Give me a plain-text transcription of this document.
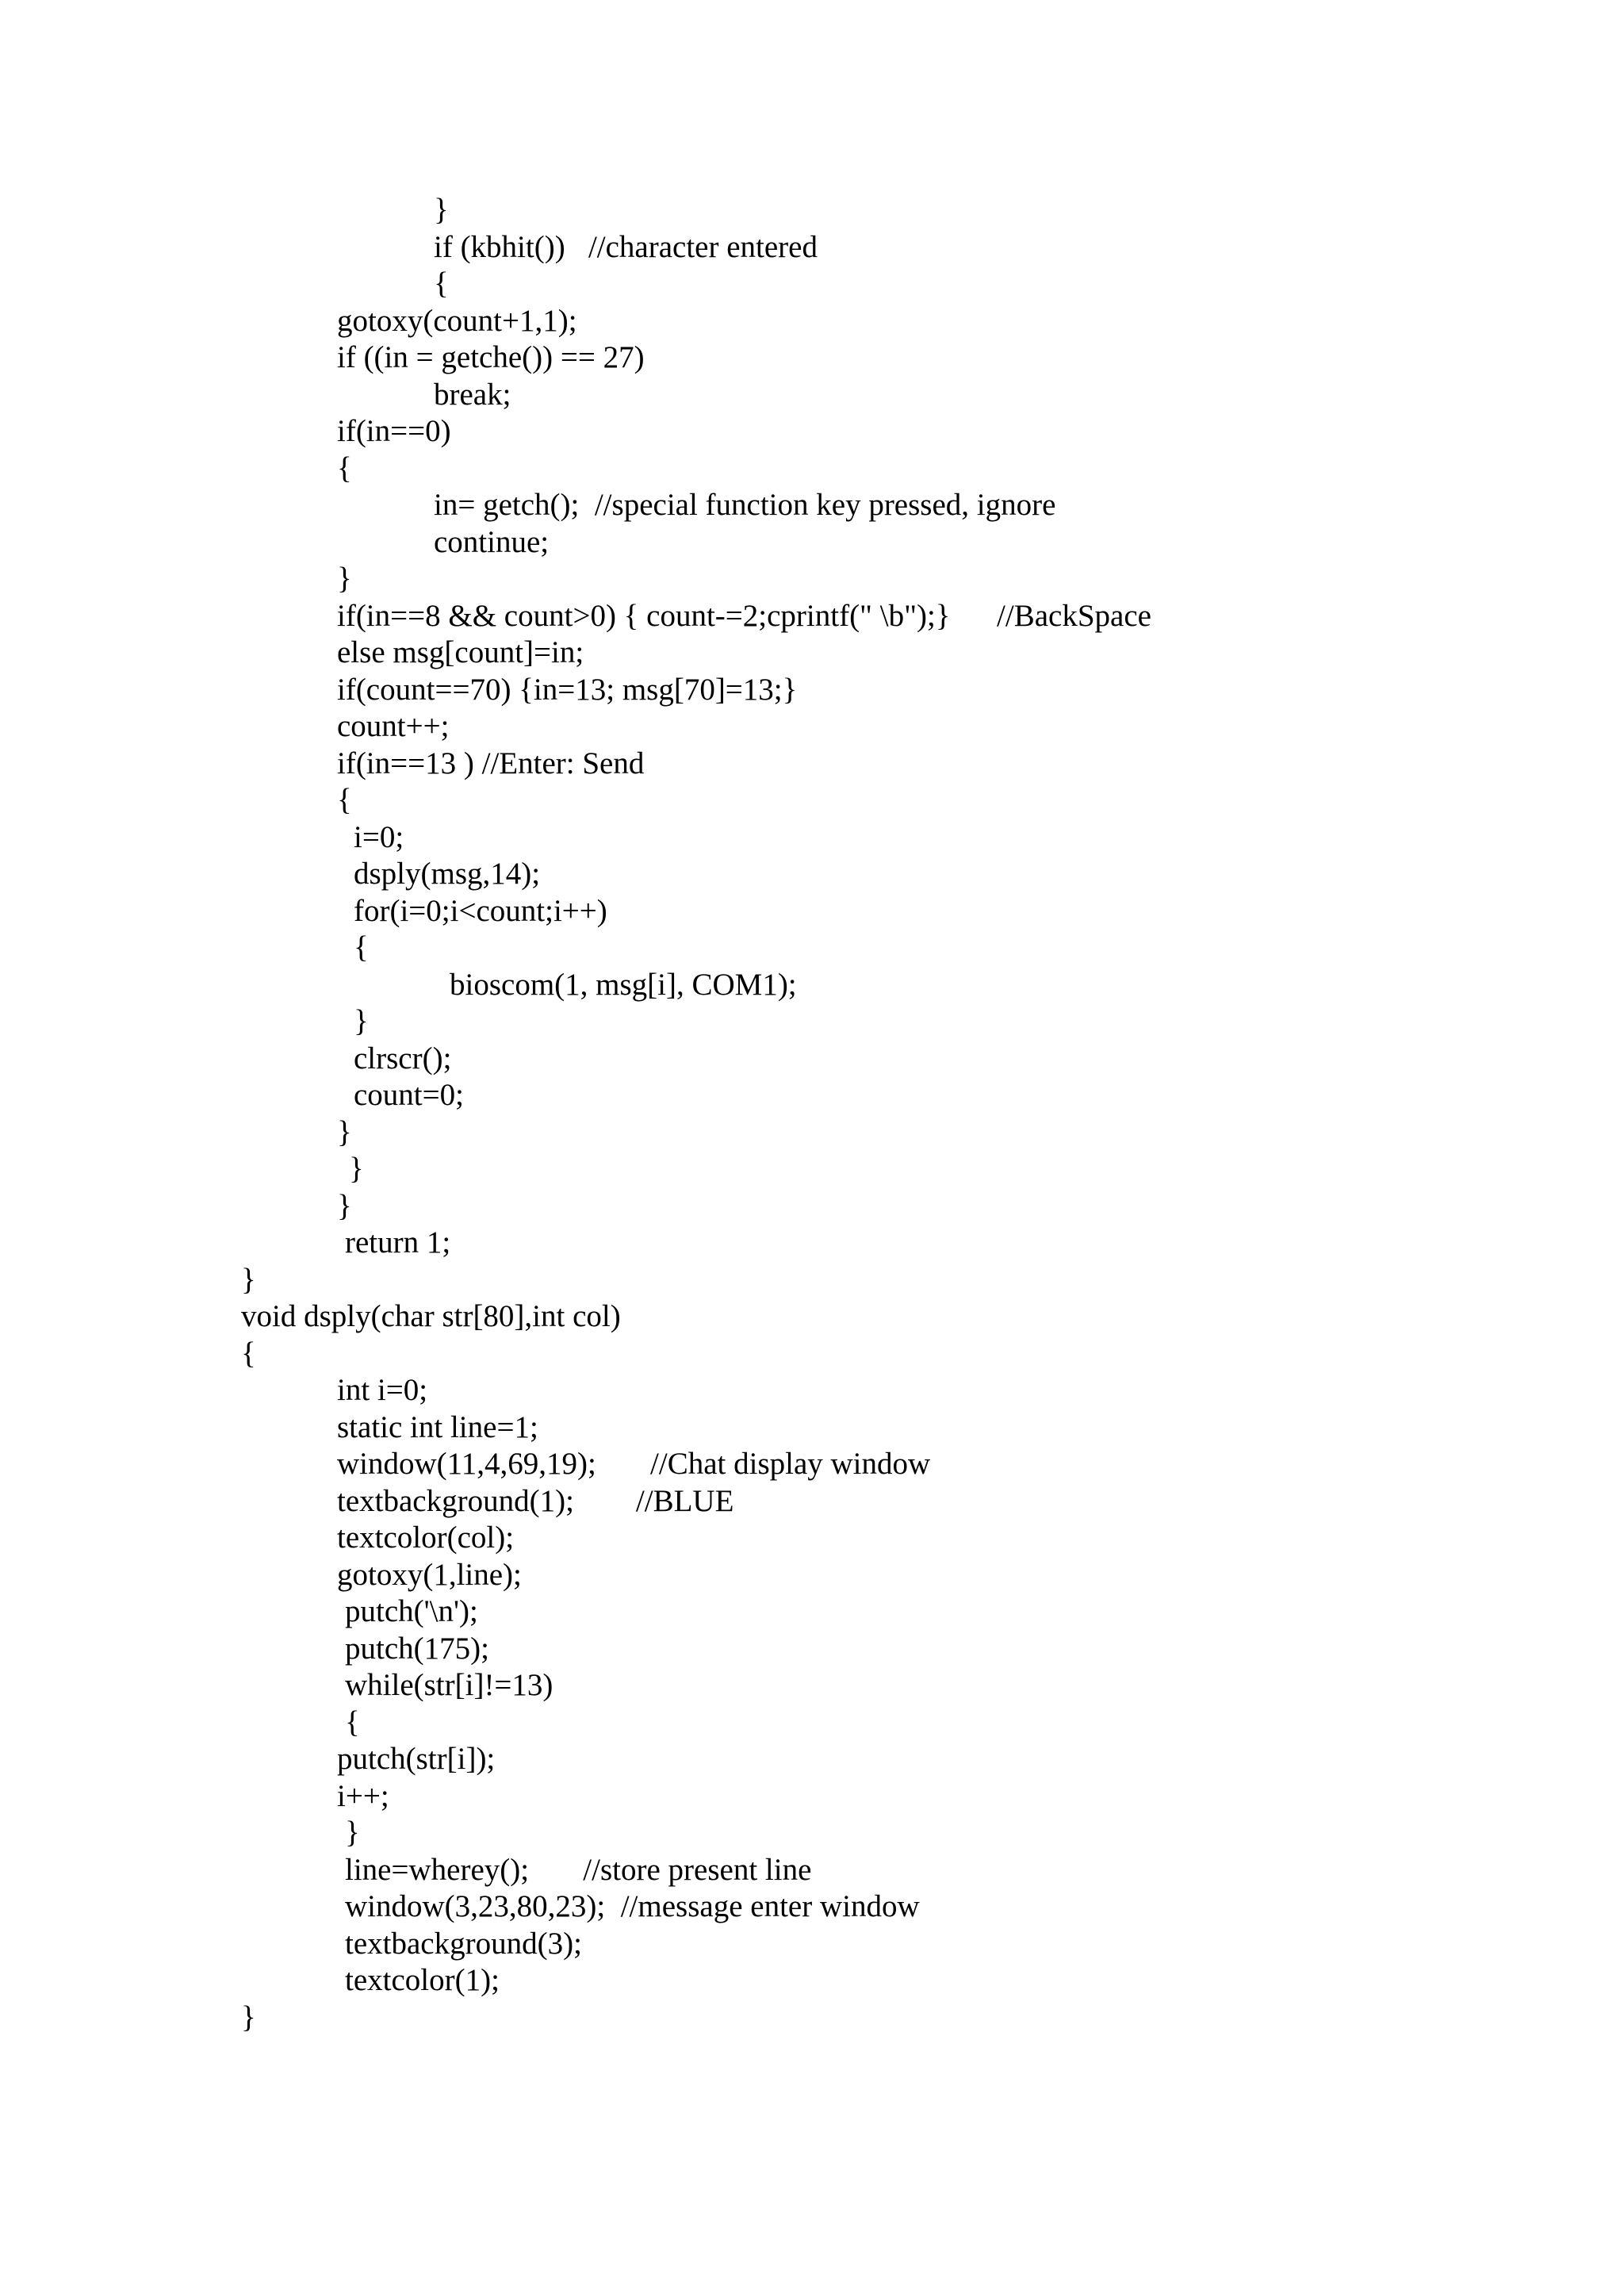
}
if (kbhit())   //character entered
{
gotoxy(count+1,1);
if ((in = getche()) == 27)
break;
if(in==0)
{
in= getch();  //special function key pressed, ignore
continue;
}
if(in==8 && count>0) { count-=2;cprintf(" \b");}      //BackSpace
else msg[count]=in;
if(count==70) {in=13; msg[70]=13;}
count++;
if(in==13 ) //Enter: Send
{
i=0;
dsply(msg,14);
for(i=0;i<count;i++)
{
bioscom(1, msg[i], COM1);
}
clrscr();
count=0;
}
}
}
return 1;
}
void dsply(char str[80],int col)
{
int i=0;
static int line=1;
window(11,4,69,19);       //Chat display window
textbackground(1);        //BLUE
textcolor(col);
gotoxy(1,line);
putch('\n');
putch(175);
while(str[i]!=13)
{
putch(str[i]);
i++;
}
line=wherey();       //store present line
window(3,23,80,23);  //message enter window
textbackground(3);
textcolor(1);
}
